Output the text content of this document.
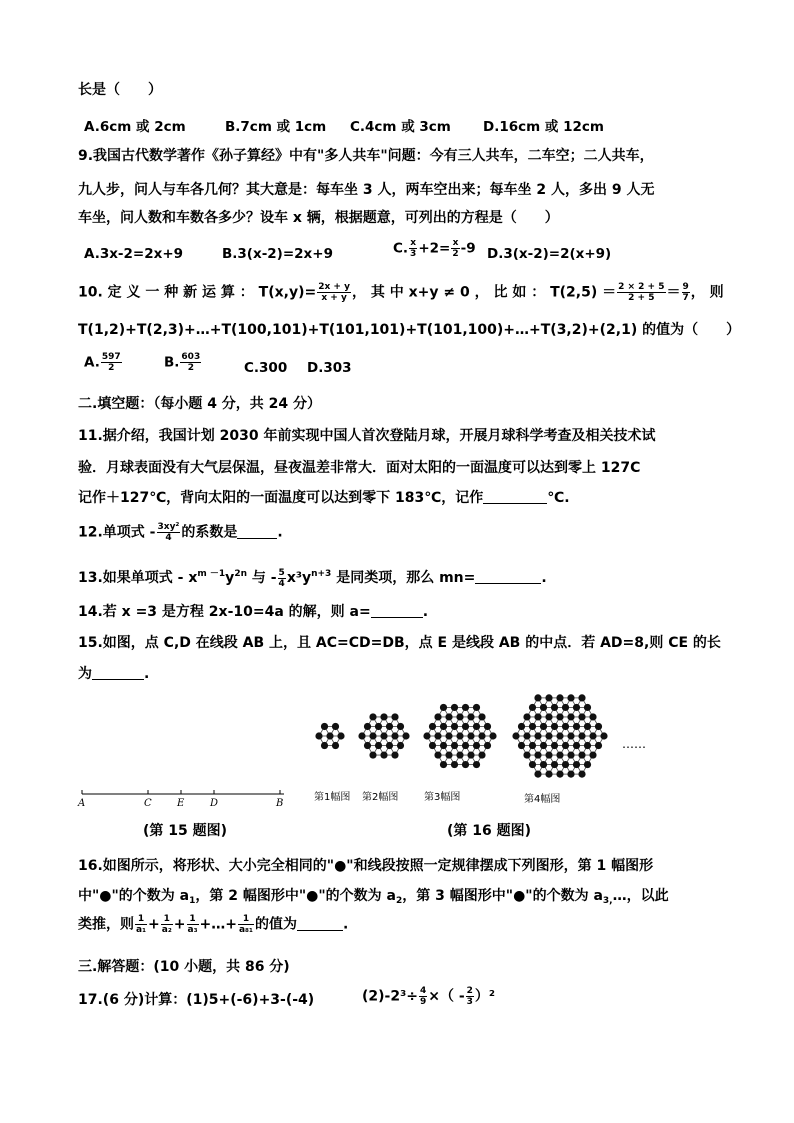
长是（　　）
A.6cm 或 2cm	B.7cm 或 1cm C.4cm 或 3cm D.16cm 或 12cm
9.我国古代数学著作《孙子算经》中有"多人共车"问题：今有三人共车，二车空；二人共车，
九人步，问人与车各几何？其大意是：每车坐 3 人，两车空出来；每车坐 2 人，多出 9 人无
车坐，问人数和车数各多少？设车 x 辆，根据题意，可列出的方程是（　　）
A.3x-2=2x+9	B.3(x-2)=2x+9	C. $\frac{x}{3} +2= \frac{x}{2} -9$ D.3(x-2)=2(x+9)
10. 定 义 一 种 新 运 算 ： $T(x,y)= \frac{2x + y}{x + y}$ ， 其 中 x+y ≠ 0 ， 比 如 ： $T(2,5) = \frac{2 \times 2 + 5}{2 + 5} = \frac{9}{7}$ ， 则
T(1,2)+T(2,3)+…+T(100,101)+T(101,101)+T(101,100)+…+T(3,2)+(2,1) 的值为（　　）
A. $\frac{597}{2}$	B. $\frac{603}{2}$	C.300 D.303
二.填空题：（每小题 4 分，共 24 分）
11.据介绍，我国计划 2030 年前实现中国人首次登陆月球，开展月球科学考查及相关技术试
验．月球表面没有大气层保温，昼夜温差非常大．面对太阳的一面温度可以达到零上 127C
记作＋127℃，背向太阳的一面温度可以达到零下 183℃，记作	℃.
12.单项式 - $\frac{\text{3xy²}}{4}$ 的系数是	.
13.如果单项式 - $x^{m -1}y^{2n}$ 与 - $\frac{5}{4} x^3y^{n+3}$ 是同类项，那么 mn=	.
14.若 x =3 是方程 2x-10=4a 的解，则 a=	.
15.如图，点 C,D 在线段 AB 上，且 AC=CD=DB，点 E 是线段 AB 的中点．若 AD=8,则 CE 的长
为	.
A	C	E	D	B
……
第1幅图 第2幅图	第3幅图	第4幅图
(第 15 题图)	(第 16 题图)
16.如图所示，将形状、大小完全相同的"●"和线段按照一定规律摆成下列图形，第 1 幅图形
中"●"的个数为 $a_1$，第 2 幅图形中"●"的个数为 $a_2$，第 3 幅图形中"●"的个数为 $a_{3,}\dots$，以此
类推，则 $\frac{1}{\text{a₁}} + \frac{1}{\text{a₂}} + \frac{1}{\text{a₃}}$ +…+ $\frac{1}{\text{a₈₁}}$ 的值为	.
三.解答题：(10 小题，共 86 分)
17.(6 分)计算：(1)5+(-6)+3-(-4)	$(2)-2^3\div \frac{4}{9}$ ×（ - $\frac{2}{3} )^2$
